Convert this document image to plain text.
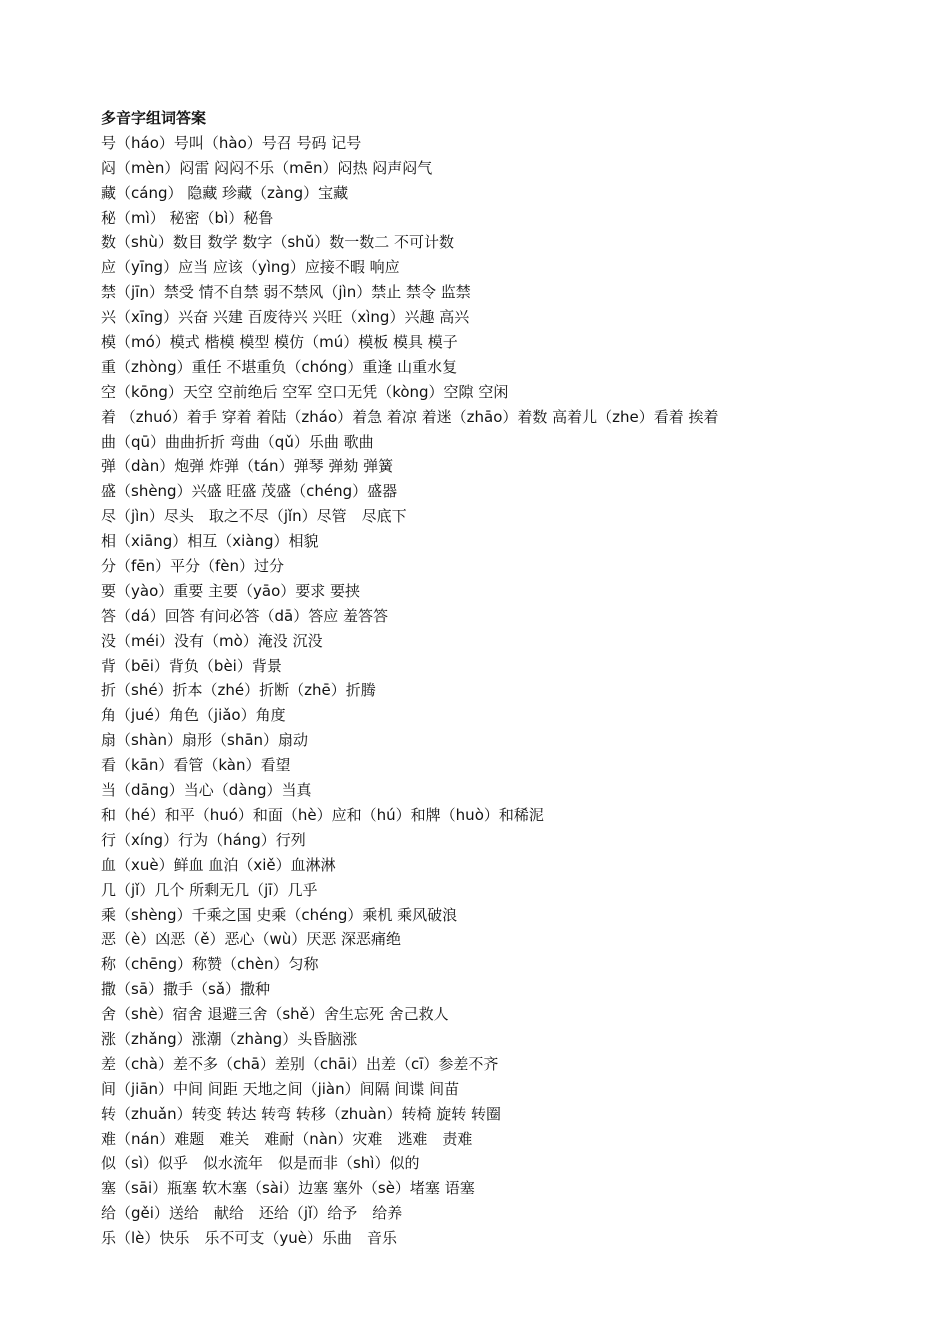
多音字组词答案
号（háo）号叫（hào）号召 号码 记号
闷（mèn）闷雷 闷闷不乐（mēn）闷热 闷声闷气
藏（cáng） 隐藏 珍藏（zàng）宝藏
秘（mì） 秘密（bì）秘鲁
数（shù）数目 数学 数字（shǔ）数一数二 不可计数
应（yīng）应当 应该（yìng）应接不暇 响应
禁（jīn）禁受 情不自禁 弱不禁风（jìn）禁止 禁令 监禁
兴（xīng）兴奋 兴建 百废待兴 兴旺（xìng）兴趣 高兴
模（mó）模式 楷模 模型 模仿（mú）模板 模具 模子
重（zhòng）重任 不堪重负（chóng）重逢 山重水复
空（kōng）天空 空前绝后 空军 空口无凭（kòng）空隙 空闲
着 （zhuó）着手 穿着 着陆（zháo）着急 着凉 着迷（zhāo）着数 高着儿（zhe）看着 挨着
曲（qū）曲曲折折 弯曲（qǔ）乐曲 歌曲
弹（dàn）炮弹 炸弹（tán）弹琴 弹劾 弹簧
盛（shèng）兴盛 旺盛 茂盛（chéng）盛器
尽（jìn）尽头　取之不尽（jǐn）尽管　尽底下
相（xiāng）相互（xiàng）相貌
分（fēn）平分（fèn）过分
要（yào）重要 主要（yāo）要求 要挟
答（dá）回答 有问必答（dā）答应 羞答答
没（méi）没有（mò）淹没 沉没
背（bēi）背负（bèi）背景
折（shé）折本（zhé）折断（zhē）折腾
角（jué）角色（jiǎo）角度
扇（shàn）扇形（shān）扇动
看（kān）看管（kàn）看望
当（dāng）当心（dàng）当真
和（hé）和平（huó）和面（hè）应和（hú）和牌（huò）和稀泥
行（xíng）行为（háng）行列
血（xuè）鲜血 血泊（xiě）血淋淋
几（jǐ）几个 所剩无几（jī）几乎
乘（shèng）千乘之国 史乘（chéng）乘机 乘风破浪
恶（è）凶恶（ě）恶心（wù）厌恶 深恶痛绝
称（chēng）称赞（chèn）匀称
撒（sā）撒手（sǎ）撒种
舍（shè）宿舍 退避三舍（shě）舍生忘死 舍己救人
涨（zhǎng）涨潮（zhàng）头昏脑涨
差（chà）差不多（chā）差别（chāi）出差（cī）参差不齐
间（jiān）中间 间距 天地之间（jiàn）间隔 间谍 间苗
转（zhuǎn）转变 转达 转弯 转移（zhuàn）转椅 旋转 转圈
难（nán）难题　难关　难耐（nàn）灾难　逃难　责难
似（sì）似乎　似水流年　似是而非（shì）似的
塞（sāi）瓶塞 软木塞（sài）边塞 塞外（sè）堵塞 语塞
给（gěi）送给　献给　还给（jǐ）给予　给养
乐（lè）快乐　乐不可支（yuè）乐曲　音乐
